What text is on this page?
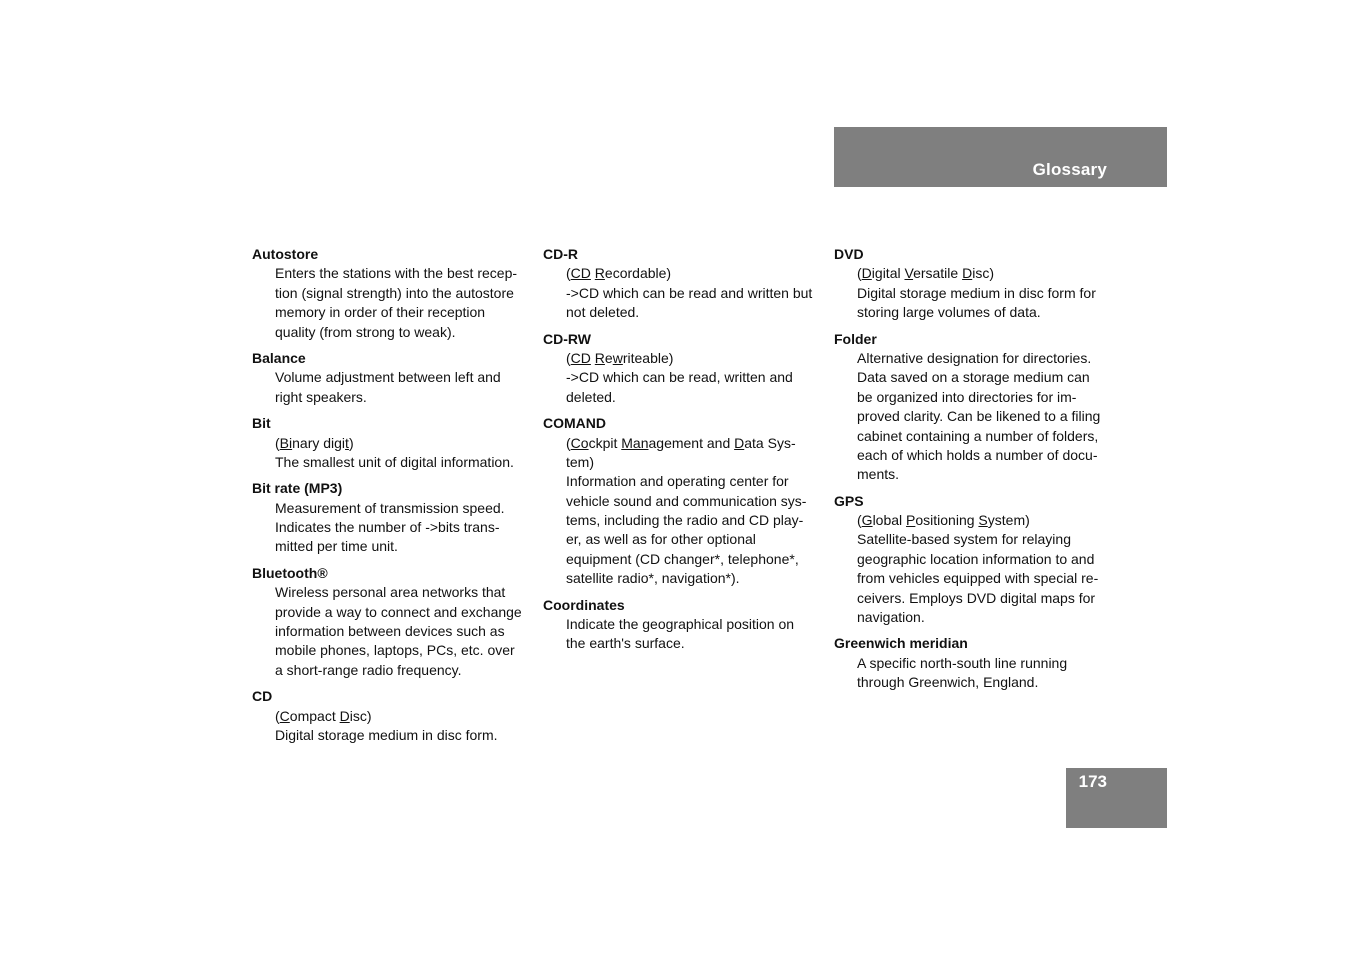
Glossary
Autostore
Enters the stations with the best recep-
tion (signal strength) into the autostore
memory in order of their reception
quality (from strong to weak).
Balance
Volume adjustment between left and
right speakers.
Bit
(Binary digit)
The smallest unit of digital information.
Bit rate (MP3)
Measurement of transmission speed.
Indicates the number of ->bits trans-
mitted per time unit.
Bluetooth®
Wireless personal area networks that
provide a way to connect and exchange
information between devices such as
mobile phones, laptops, PCs, etc. over
a short-range radio frequency.
CD
(Compact Disc)
Digital storage medium in disc form.
CD-R
(CD Recordable)
->CD which can be read and written but
not deleted.
CD-RW
(CD Rewriteable)
->CD which can be read, written and
deleted.
COMAND
(Cockpit Management and Data Sys-
tem)
Information and operating center for
vehicle sound and communication sys-
tems, including the radio and CD play-
er, as well as for other optional
equipment (CD changer*, telephone*,
satellite radio*, navigation*).
Coordinates
Indicate the geographical position on
the earth's surface.
DVD
(Digital Versatile Disc)
Digital storage medium in disc form for
storing large volumes of data.
Folder
Alternative designation for directories.
Data saved on a storage medium can
be organized into directories for im-
proved clarity. Can be likened to a filing
cabinet containing a number of folders,
each of which holds a number of docu-
ments.
GPS
(Global Positioning System)
Satellite-based system for relaying
geographic location information to and
from vehicles equipped with special re-
ceivers. Employs DVD digital maps for
navigation.
Greenwich meridian
A specific north-south line running
through Greenwich, England.
173
